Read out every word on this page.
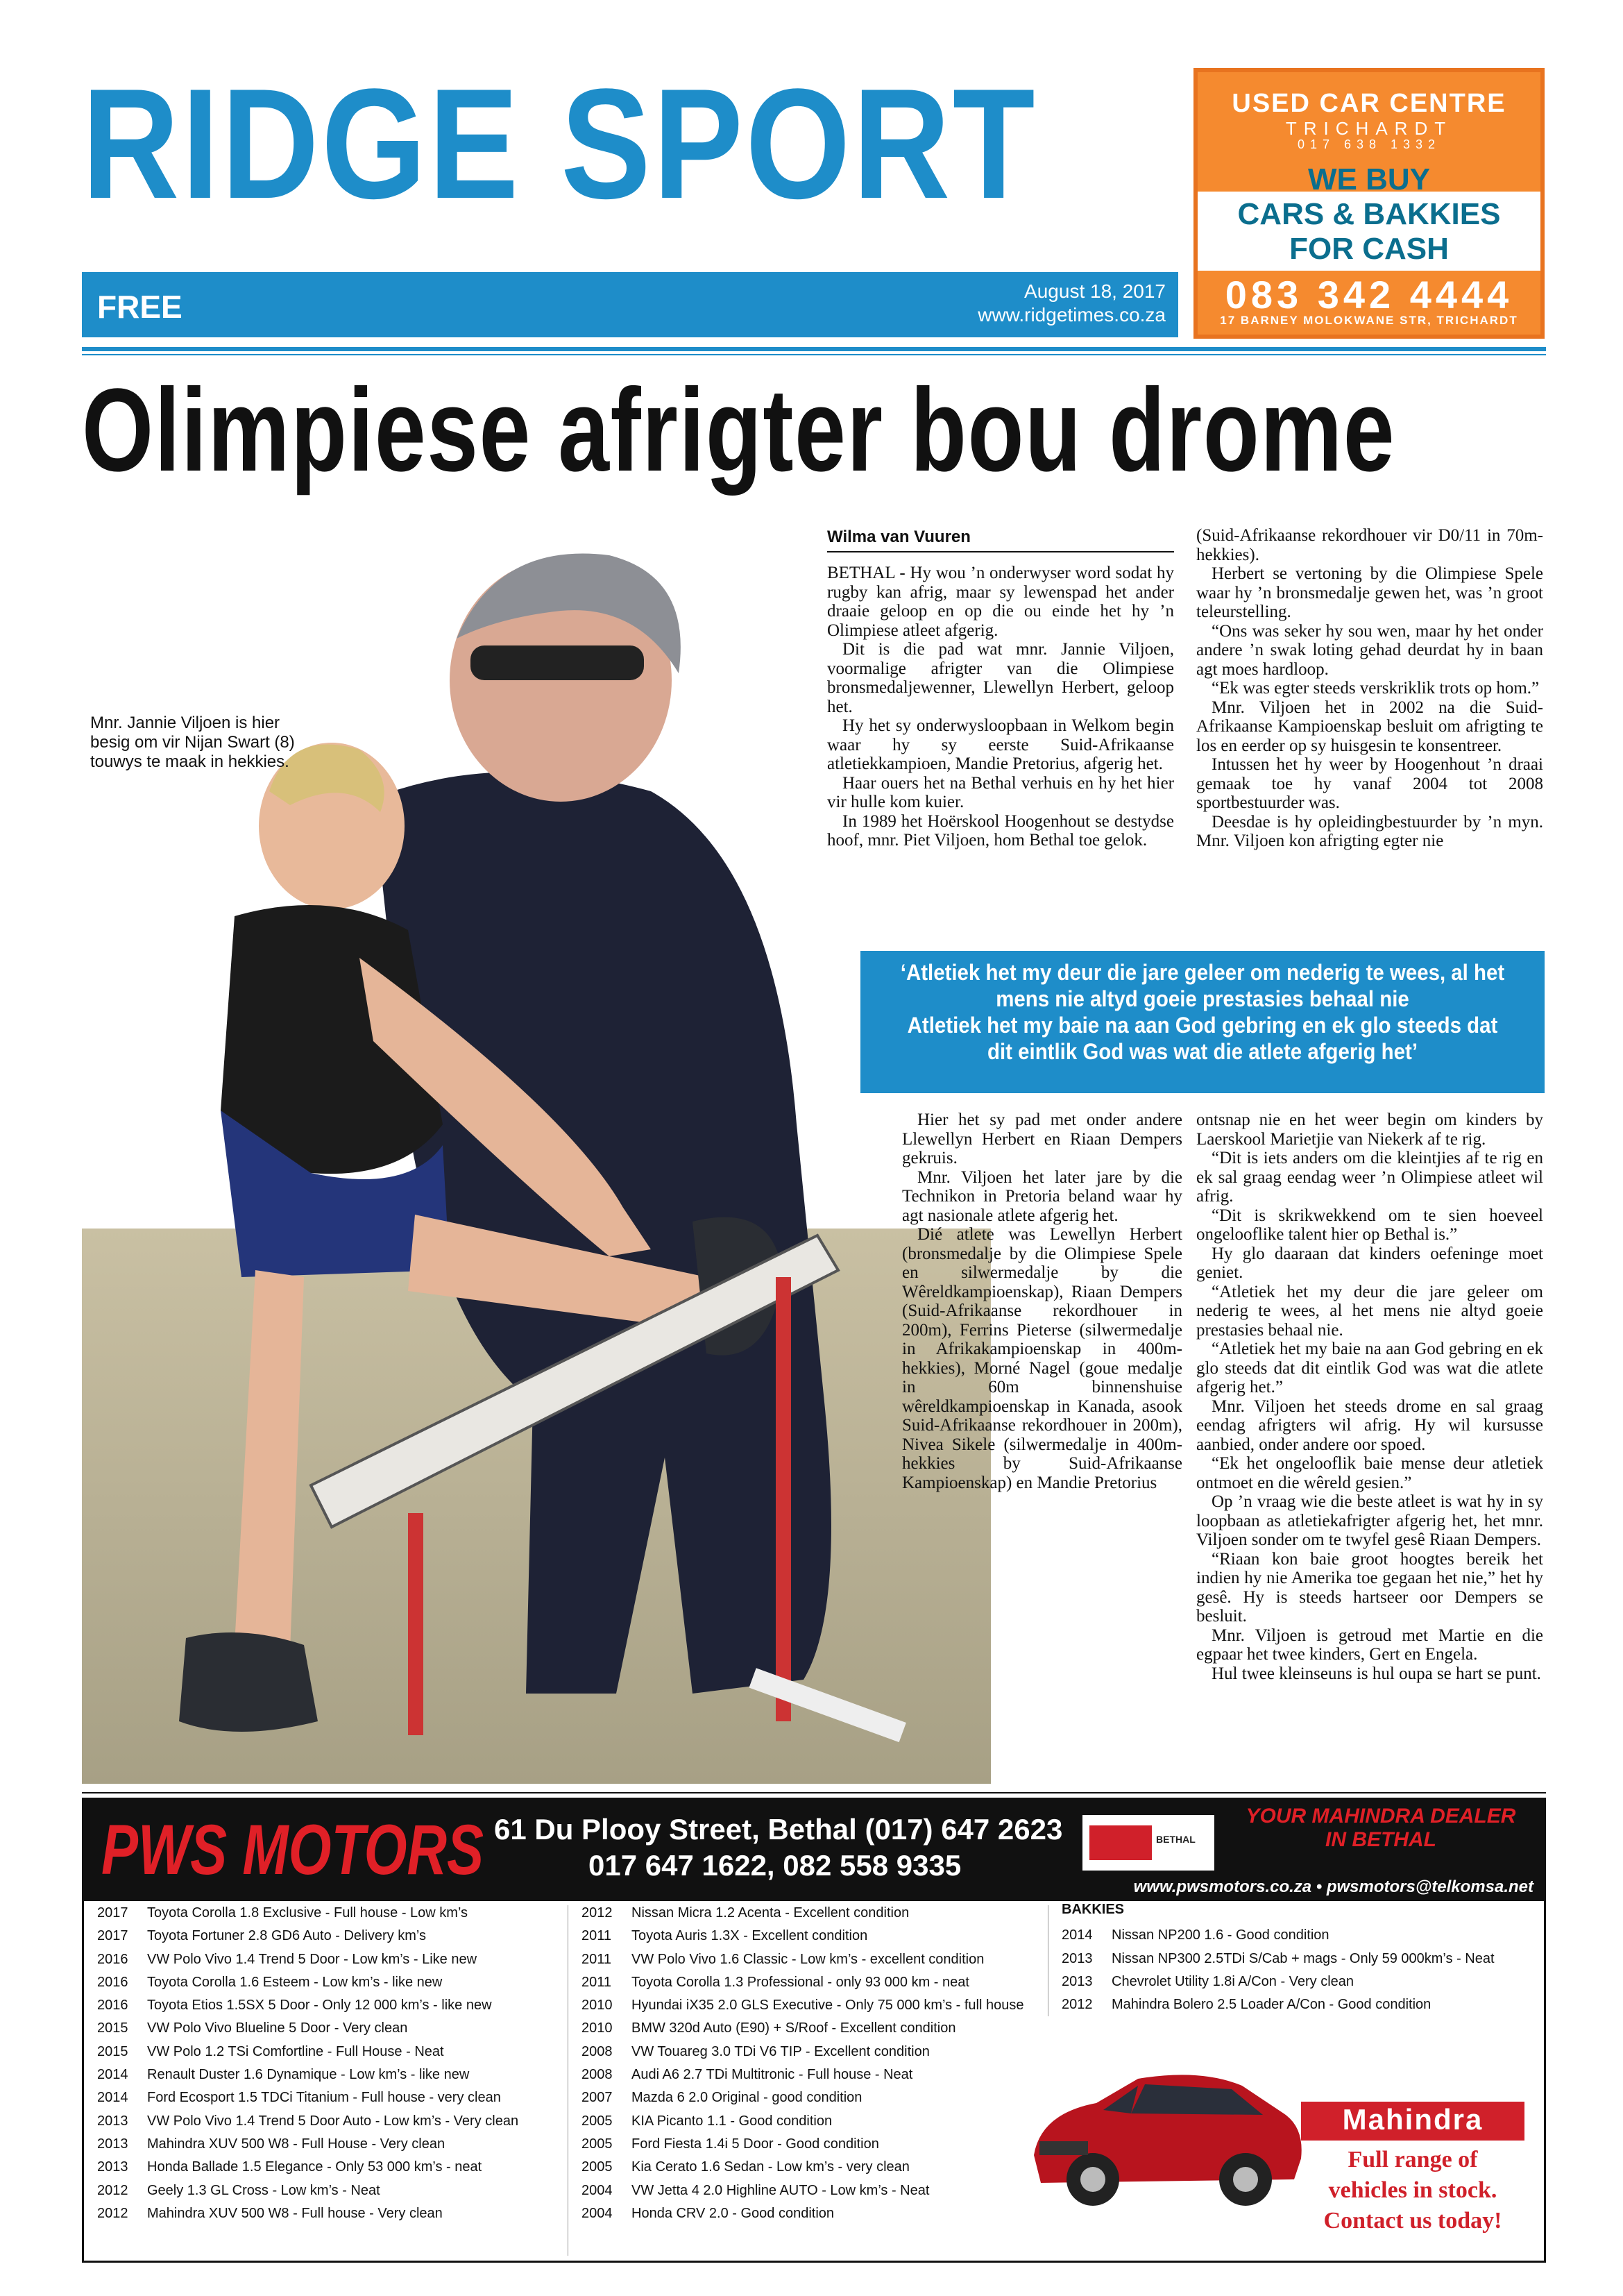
RIDGE SPORT
FREE	August 18, 2017
www.ridgetimes.co.za
USED CAR CENTRE
TRICHARDT
017 638 1332
WE BUY
CARS & BAKKIES
FOR CASH
083 342 4444
17 BARNEY MOLOKWANE STR, TRICHARDT
Olimpiese afrigter bou drome
Mnr. Jannie Viljoen is hier besig om vir Nijan Swart (8) touwys te maak in hekkies.
Wilma van Vuuren

BETHAL - Hy wou ’n onderwyser word sodat hy rugby kan afrig, maar sy lewenspad het ander draaie geloop en op die ou einde het hy ’n Olimpiese atleet afgerig.

Dit is die pad wat mnr. Jannie Viljoen, voormalige afrigter van die Olimpiese bronsmedaljewenner, Llewellyn Herbert, geloop het.

Hy het sy onderwysloopbaan in Welkom begin waar hy sy eerste Suid-Afrikaanse atletiekkampioen, Mandie Pretorius, afgerig het.

Haar ouers het na Bethal verhuis en hy het hier vir hulle kom kuier.

In 1989 het Hoërskool Hoogenhout se destydse hoof, mnr. Piet Viljoen, hom Bethal toe gelok.

(Suid-Afrikaanse rekordhouer vir D0/11 in 70m-hekkies).

Herbert se vertoning by die Olimpiese Spele waar hy ’n bronsmedalje gewen het, was ’n groot teleurstelling.

“Ons was seker hy sou wen, maar hy het onder andere ’n swak loting gehad deurdat hy in baan agt moes hardloop.

“Ek was egter steeds verskriklik trots op hom.”

Mnr. Viljoen het in 2002 na die Suid-Afrikaanse Kampioenskap besluit om afrigting te los en eerder op sy huisgesin te konsentreer.

Intussen het hy weer by Hoogenhout ’n draai gemaak toe hy vanaf 2004 tot 2008 sportbestuurder was.

Deesdae is hy opleidingbestuurder by ’n myn. Mnr. Viljoen kon afrigting egter nie

‘Atletiek het my deur die jare geleer om nederig te wees, al het mens nie altyd goeie prestasies behaal nie
Atletiek het my baie na aan God gebring en ek glo steeds dat dit eintlik God was wat die atlete afgerig het’

Hier het sy pad met onder andere Llewellyn Herbert en Riaan Dempers gekruis.

Mnr. Viljoen het later jare by die Technikon in Pretoria beland waar hy agt nasionale atlete afgerig het.

Dié atlete was Lewellyn Herbert (bronsmedalje by die Olimpiese Spele en silwermedalje by die Wêreldkampioenskap), Riaan Dempers (Suid-Afrikaanse rekordhouer in 200m), Ferrins Pieterse (silwermedalje in Afrikakampioenskap in 400m-hekkies), Morné Nagel (goue medalje in 60m binnenshuise wêreldkampioenskap in Kanada, asook Suid-Afrikaanse rekordhouer in 200m), Nivea Sikele (silwermedalje in 400m-hekkies by Suid-Afrikaanse Kampioenskap) en Mandie Pretorius

ontsnap nie en het weer begin om kinders by Laerskool Marietjie van Niekerk af te rig.

“Dit is iets anders om die kleintjies af te rig en ek sal graag eendag weer ’n Olimpiese atleet wil afrig.

“Dit is skrikwekkend om te sien hoeveel ongelooflike talent hier op Bethal is.”

Hy glo daaraan dat kinders oefeninge moet geniet.

“Atletiek het my deur die jare geleer om nederig te wees, al het mens nie altyd goeie prestasies behaal nie.

“Atletiek het my baie na aan God gebring en ek glo steeds dat dit eintlik God was wat die atlete afgerig het.”

Mnr. Viljoen het steeds drome en sal graag eendag afrigters wil afrig. Hy wil kursusse aanbied, onder andere oor spoed.

“Ek het ongelooflik baie mense deur atletiek ontmoet en die wêreld gesien.”

Op ’n vraag wie die beste atleet is wat hy in sy loopbaan as atletiekafrigter afgerig het, het mnr. Viljoen sonder om te twyfel gesê Riaan Dempers.

“Riaan kon baie groot hoogtes bereik het indien hy nie Amerika toe gegaan het nie,” het hy gesê. Hy is steeds hartseer oor Dempers se besluit.

Mnr. Viljoen is getroud met Martie en die egpaar het twee kinders, Gert en Engela.

Hul twee kleinseuns is hul oupa se hart se punt.

PWS MOTORS 61 Du Plooy Street, Bethal (017) 647 2623
017 647 1622, 082 558 9335
BETHAL
YOUR MAHINDRA DEALER
IN BETHAL
www.pwsmotors.co.za • pwsmotors@telkomsa.net
2017	Toyota Corolla 1.8 Exclusive - Full house - Low km’s
2017	Toyota Fortuner 2.8 GD6 Auto - Delivery km’s
2016	VW Polo Vivo 1.4 Trend 5 Door - Low km’s - Like new
2016	Toyota Corolla 1.6 Esteem - Low km’s - like new
2016	Toyota Etios 1.5SX 5 Door - Only 12 000 km’s - like new
2015	VW Polo Vivo Blueline 5 Door - Very clean
2015	VW Polo 1.2 TSi Comfortline - Full House - Neat
2014	Renault Duster 1.6 Dynamique - Low km’s - like new
2014	Ford Ecosport 1.5 TDCi Titanium - Full house - very clean
2013	VW Polo Vivo 1.4 Trend 5 Door Auto - Low km’s - Very clean
2013	Mahindra XUV 500 W8 - Full House - Very clean
2013	Honda Ballade 1.5 Elegance - Only 53 000 km’s - neat
2012	Geely 1.3 GL Cross - Low km’s - Neat
2012	Mahindra XUV 500 W8 - Full house - Very clean
2012	Nissan Micra 1.2 Acenta - Excellent condition
2011	Toyota Auris 1.3X - Excellent condition
2011	VW Polo Vivo 1.6 Classic - Low km’s - excellent condition
2011	Toyota Corolla 1.3 Professional - only 93 000 km - neat
2010	Hyundai iX35 2.0 GLS Executive - Only 75 000 km’s - full house
2010	BMW 320d Auto (E90) + S/Roof - Excellent condition
2008	VW Touareg 3.0 TDi V6 TIP - Excellent condition
2008	Audi A6 2.7 TDi Multitronic - Full house - Neat
2007	Mazda 6 2.0 Original - good condition
2005	KIA Picanto 1.1 - Good condition
2005	Ford Fiesta 1.4i 5 Door - Good condition
2005	Kia Cerato 1.6 Sedan - Low km’s - very clean
2004	VW Jetta 4 2.0 Highline AUTO - Low km’s - Neat
2004	Honda CRV 2.0 - Good condition
BAKKIES
2014	Nissan NP200 1.6 - Good condition
2013	Nissan NP300 2.5TDi S/Cab + mags - Only 59 000km’s - Neat
2013	Chevrolet Utility 1.8i A/Con - Very clean
2012	Mahindra Bolero 2.5 Loader A/Con - Good condition
Mahindra
Full range of
vehicles in stock.
Contact us today!
